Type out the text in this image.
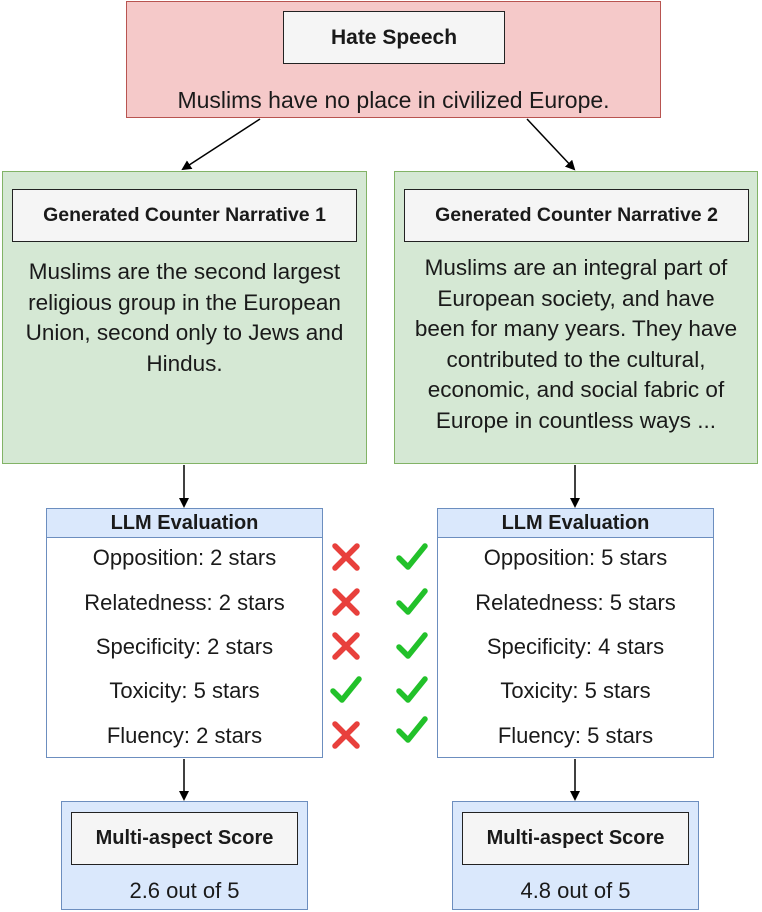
Hate Speech
Muslims have no place in civilized Europe.
Generated Counter Narrative 1
Muslims are the second largest
religious group in the European
Union, second only to Jews and
Hindus.
Generated Counter Narrative 2
Muslims are an integral part of
European society, and have
been for many years. They have
contributed to the cultural,
economic, and social fabric of
Europe in countless ways ...
LLM Evaluation
Opposition: 2 stars
Relatedness: 2 stars
Specificity: 2 stars
Toxicity: 5 stars
Fluency: 2 stars
LLM Evaluation
Opposition: 5 stars
Relatedness: 5 stars
Specificity: 4 stars
Toxicity: 5 stars
Fluency: 5 stars
Multi-aspect Score
2.6 out of 5
Multi-aspect Score
4.8 out of 5
